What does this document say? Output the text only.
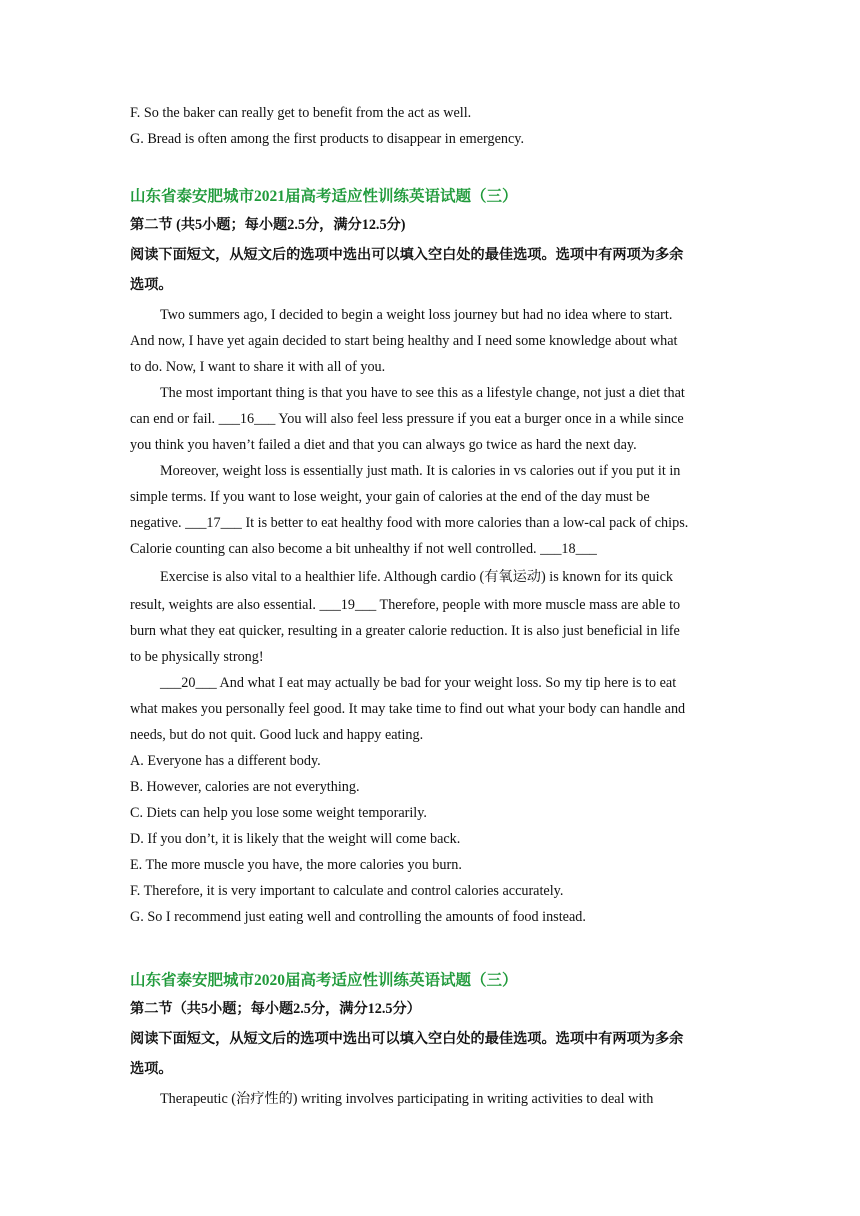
F. So the baker can really get to benefit from the act as well.
G. Bread is often among the first products to disappear in emergency.
山东省泰安肥城市2021届高考适应性训练英语试题（三）
第二节 (共5小题；每小题2.5分，满分12.5分)
阅读下面短文，从短文后的选项中选出可以填入空白处的最佳选项。选项中有两项为多余
选项。
Two summers ago, I decided to begin a weight loss journey but had no idea where to start.
And now, I have yet again decided to start being healthy and I need some knowledge about what
to do. Now, I want to share it with all of you.
The most important thing is that you have to see this as a lifestyle change, not just a diet that
can end or fail. ___16___ You will also feel less pressure if you eat a burger once in a while since
you think you haven’t failed a diet and that you can always go twice as hard the next day.
Moreover, weight loss is essentially just math. It is calories in vs calories out if you put it in
simple terms. If you want to lose weight, your gain of calories at the end of the day must be
negative. ___17___ It is better to eat healthy food with more calories than a low-cal pack of chips.
Calorie counting can also become a bit unhealthy if not well controlled. ___18___
Exercise is also vital to a healthier life. Although cardio (有氧运动) is known for its quick
result, weights are also essential. ___19___ Therefore, people with more muscle mass are able to
burn what they eat quicker, resulting in a greater calorie reduction. It is also just beneficial in life
to be physically strong!
___20___ And what I eat may actually be bad for your weight loss. So my tip here is to eat
what makes you personally feel good. It may take time to find out what your body can handle and
needs, but do not quit. Good luck and happy eating.
A. Everyone has a different body.
B. However, calories are not everything.
C. Diets can help you lose some weight temporarily.
D. If you don’t, it is likely that the weight will come back.
E. The more muscle you have, the more calories you burn.
F. Therefore, it is very important to calculate and control calories accurately.
G. So I recommend just eating well and controlling the amounts of food instead.
山东省泰安肥城市2020届高考适应性训练英语试题（三）
第二节（共5小题；每小题2.5分，满分12.5分）
阅读下面短文，从短文后的选项中选出可以填入空白处的最佳选项。选项中有两项为多余
选项。
Therapeutic (治疗性的) writing involves participating in writing activities to deal with
